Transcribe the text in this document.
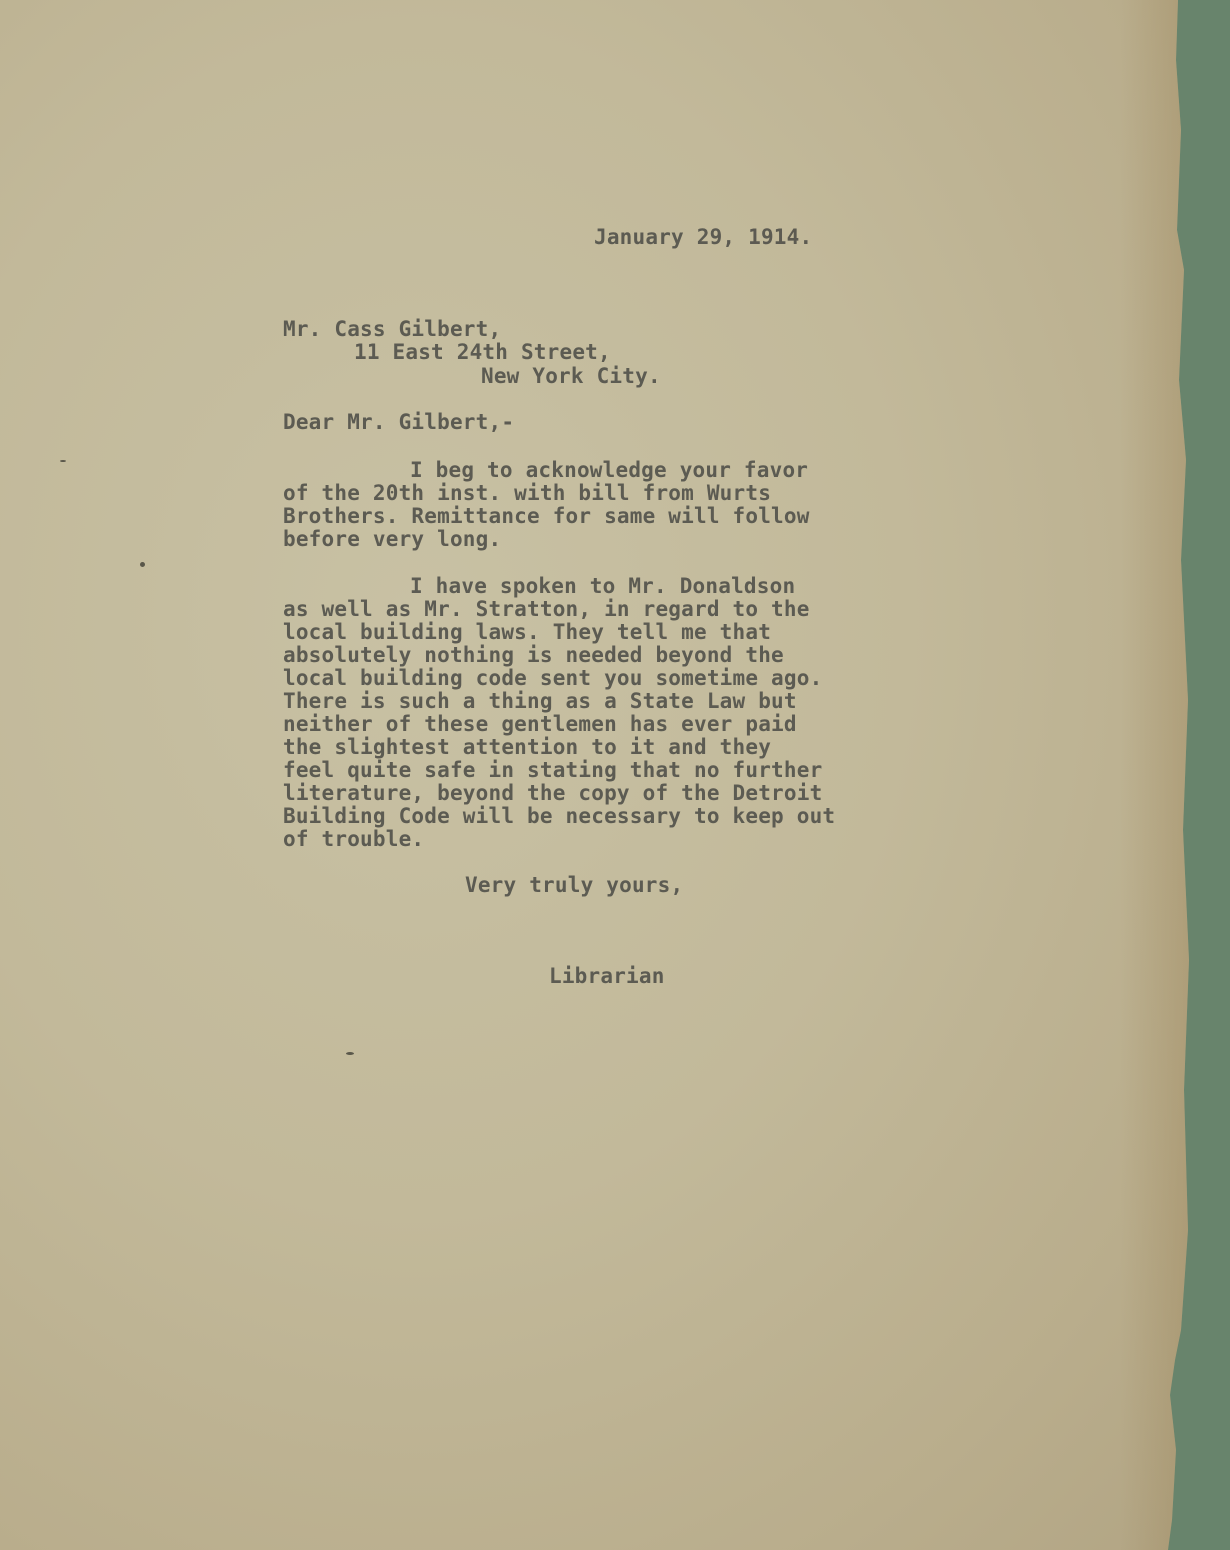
January 29, 1914.
Mr. Cass Gilbert,
11 East 24th Street,
New York City.
Dear Mr. Gilbert,-
I beg to acknowledge your favor
of the 20th inst. with bill from Wurts
Brothers. Remittance for same will follow
before very long.
I have spoken to Mr. Donaldson
as well as Mr. Stratton, in regard to the
local building laws. They tell me that
absolutely nothing is needed beyond the
local building code sent you sometime ago.
There is such a thing as a State Law but
neither of these gentlemen has ever paid
the slightest attention to it and they
feel quite safe in stating that no further
literature, beyond the copy of the Detroit
Building Code will be necessary to keep out
of trouble.
Very truly yours,
Librarian
